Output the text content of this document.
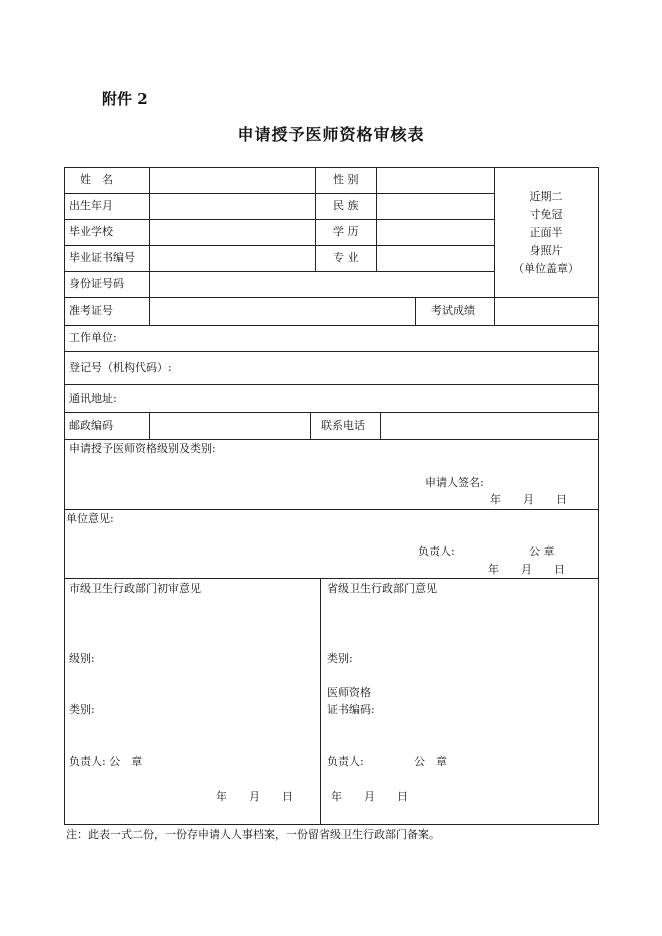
附件 2
申请授予医师资格审核表
姓　名	性 别
出生年月	民 族
毕业学校	学 历
毕业证书编号	专 业
近期二
寸免冠
正面半
身照片
（单位盖章）
身份证号码
准考证号	考试成绩
工作单位:
登记号（机构代码）:
通讯地址:
邮政编码	联系电话
申请授予医师资格级别及类别:
申请人签名:
年　　月　　日
单位意见:
负责人:	公 章
年　　月　　日
市级卫生行政部门初审意见
级别:
类别:
负责人: 公　章
年　　月　　日
省级卫生行政部门意见
类别:
医师资格
证书编码:
负责人:	公　章
年　　月　　日
注：此表一式二份，一份存申请人人事档案，一份留省级卫生行政部门备案。
